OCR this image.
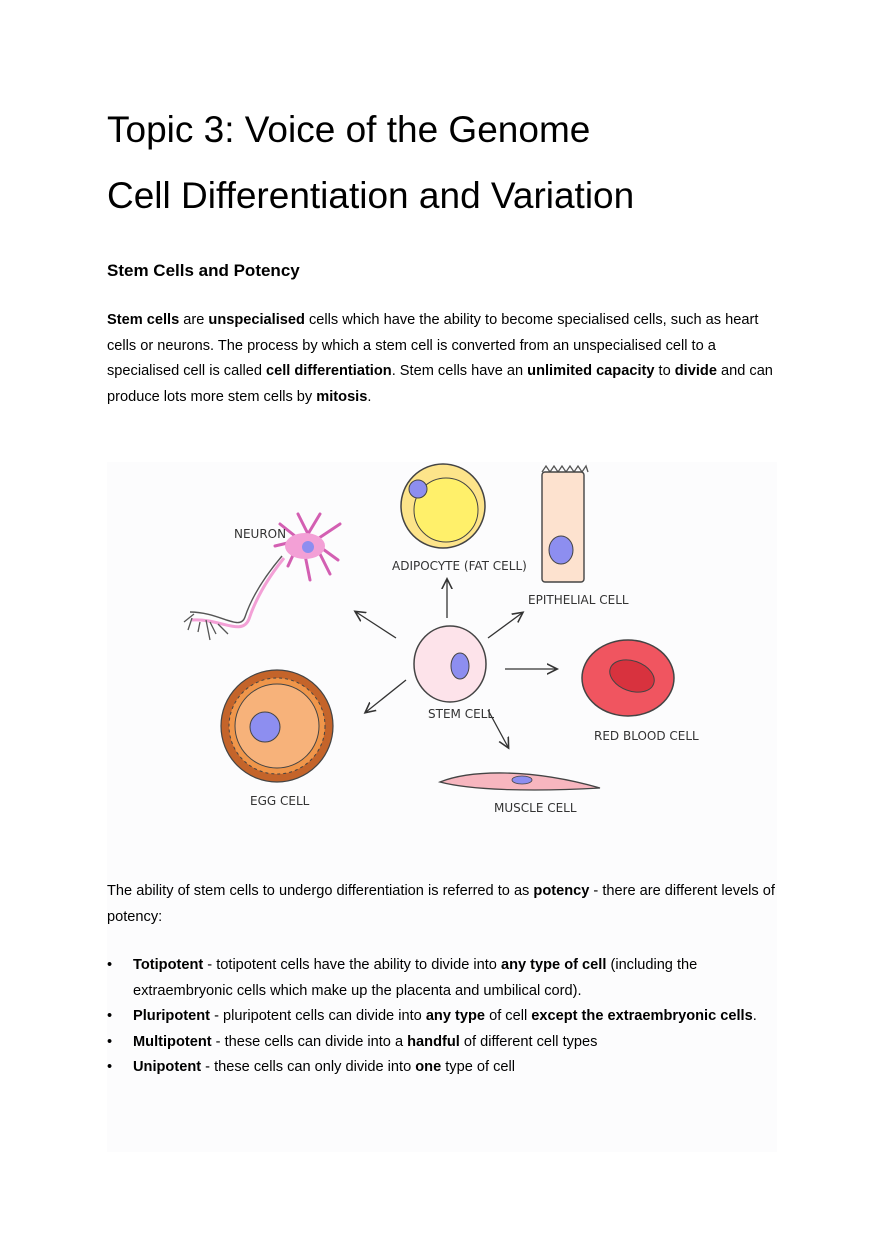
Topic 3: Voice of the Genome
Cell Differentiation and Variation
Stem Cells and Potency

Stem cells are unspecialised cells which have the ability to become specialised cells, such as heart cells or neurons. The process by which a stem cell is converted from an unspecialised cell to a specialised cell is called cell differentiation. Stem cells have an unlimited capacity to divide and can produce lots more stem cells by mitosis.

NEURON
ADIPOCYTE (FAT CELL)
EPITHELIAL CELL
STEM CELL
RED BLOOD CELL
EGG CELL	MUSCLE CELL

The ability of stem cells to undergo differentiation is referred to as potency - there are different levels of potency:

• Totipotent - totipotent cells have the ability to divide into any type of cell (including the extraembryonic cells which make up the placenta and umbilical cord).
• Pluripotent - pluripotent cells can divide into any type of cell except the extraembryonic cells.
• Multipotent - these cells can divide into a handful of different cell types
• Unipotent - these cells can only divide into one type of cell
